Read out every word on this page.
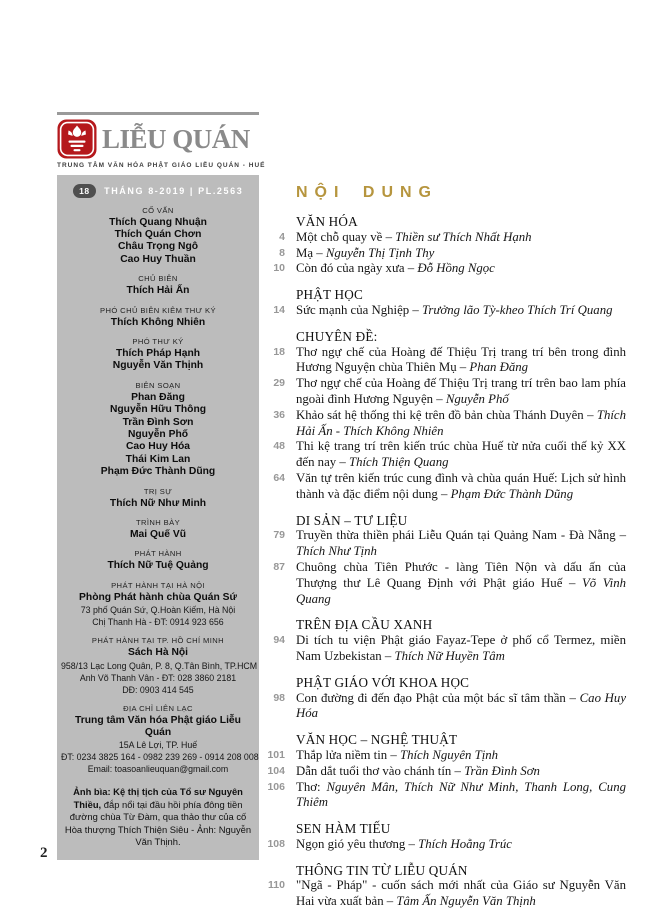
LIỄU QUÁN
TRUNG TÂM VĂN HÓA PHẬT GIÁO LIỄU QUÁN - HUẾ
18	THÁNG 8-2019 | PL.2563
CỐ VẤN
Thích Quang Nhuận
Thích Quán Chơn
Châu Trọng Ngô
Cao Huy Thuần
CHỦ BIÊN
Thích Hải Ấn
PHÓ CHỦ BIÊN KIÊM THƯ KÝ
Thích Không Nhiên
PHÓ THƯ KÝ
Thích Pháp Hạnh
Nguyễn Văn Thịnh
BIÊN SOẠN
Phan Đăng
Nguyễn Hữu Thông
Trần Đình Sơn
Nguyễn Phố
Cao Huy Hóa
Thái Kim Lan
Phạm Đức Thành Dũng
TRỊ SỰ
Thích Nữ Như Minh
TRÌNH BÀY
Mai Quế Vũ
PHÁT HÀNH
Thích Nữ Tuệ Quảng
PHÁT HÀNH TẠI HÀ NỘI
Phòng Phát hành chùa Quán Sứ
73 phố Quán Sứ, Q.Hoàn Kiếm, Hà Nội
Chị Thanh Hà - ĐT: 0914 923 656
PHÁT HÀNH TẠI TP. HỒ CHÍ MINH
Sách Hà Nội
958/13 Lạc Long Quân, P. 8, Q.Tân Bình, TP.HCM
Anh Võ Thanh Vân - ĐT: 028 3860 2181
DĐ: 0903 414 545
ĐỊA CHỈ LIÊN LẠC
Trung tâm Văn hóa Phật giáo Liễu Quán
15A Lê Lợi, TP. Huế
ĐT: 0234 3825 164 - 0982 239 269 - 0914 208 008
Email: toasoanlieuquan@gmail.com
Ảnh bìa: Kệ thị tịch của Tổ sư Nguyên Thiều, đắp nổi tại đầu hồi phía đông tiền đường chùa Từ Đàm, qua thảo thư của cố Hòa thượng Thích Thiện Siêu - Ảnh: Nguyễn Văn Thịnh.
NỘI DUNG
VĂN HÓA
4 Một chỗ quay về – Thiền sư Thích Nhất Hạnh
8 Mạ – Nguyễn Thị Tịnh Thy
10 Còn đó của ngày xưa – Đỗ Hồng Ngọc
PHẬT HỌC
14 Sức mạnh của Nghiệp – Trưởng lão Tỳ-kheo Thích Trí Quang
CHUYÊN ĐỀ:
18 Thơ ngự chế của Hoàng đế Thiệu Trị trang trí bên trong đình Hương Nguyện chùa Thiên Mụ – Phan Đăng
29 Thơ ngự chế của Hoàng đế Thiệu Trị trang trí trên bao lam phía ngoài đình Hương Nguyện – Nguyễn Phố
36 Khảo sát hệ thống thi kệ trên đồ bản chùa Thánh Duyên – Thích Hải Ấn - Thích Không Nhiên
48 Thi kệ trang trí trên kiến trúc chùa Huế từ nửa cuối thế kỷ XX đến nay – Thích Thiện Quang
64 Văn tự trên kiến trúc cung đình và chùa quán Huế: Lịch sử hình thành và đặc điểm nội dung – Phạm Đức Thành Dũng
DI SẢN – TƯ LIỆU
79 Truyền thừa thiền phái Liễu Quán tại Quảng Nam - Đà Nẵng – Thích Như Tịnh
87 Chuông chùa Tiên Phước - làng Tiên Nộn và dấu ấn của Thượng thư Lê Quang Định với Phật giáo Huế – Võ Vinh Quang
TRÊN ĐỊA CẦU XANH
94 Di tích tu viện Phật giáo Fayaz-Tepe ở phố cổ Termez, miền Nam Uzbekistan – Thích Nữ Huyền Tâm
PHẬT GIÁO VỚI KHOA HỌC
98 Con đường đi đến đạo Phật của một bác sĩ tâm thần – Cao Huy Hóa
VĂN HỌC – NGHỆ THUẬT
101 Thắp lửa niềm tin – Thích Nguyên Tịnh
104 Dẫn dắt tuổi thơ vào chánh tín – Trần Đình Sơn
106 Thơ: Nguyên Mân, Thích Nữ Như Minh, Thanh Long, Cung Thiêm
SEN HÀM TIẾU
108 Ngọn gió yêu thương – Thích Hoằng Trúc
THÔNG TIN TỪ LIỄU QUÁN
110 "Ngã - Pháp" - cuốn sách mới nhất của Giáo sư Nguyễn Văn Hai vừa xuất bản – Tâm Ấn Nguyễn Văn Thịnh
2
